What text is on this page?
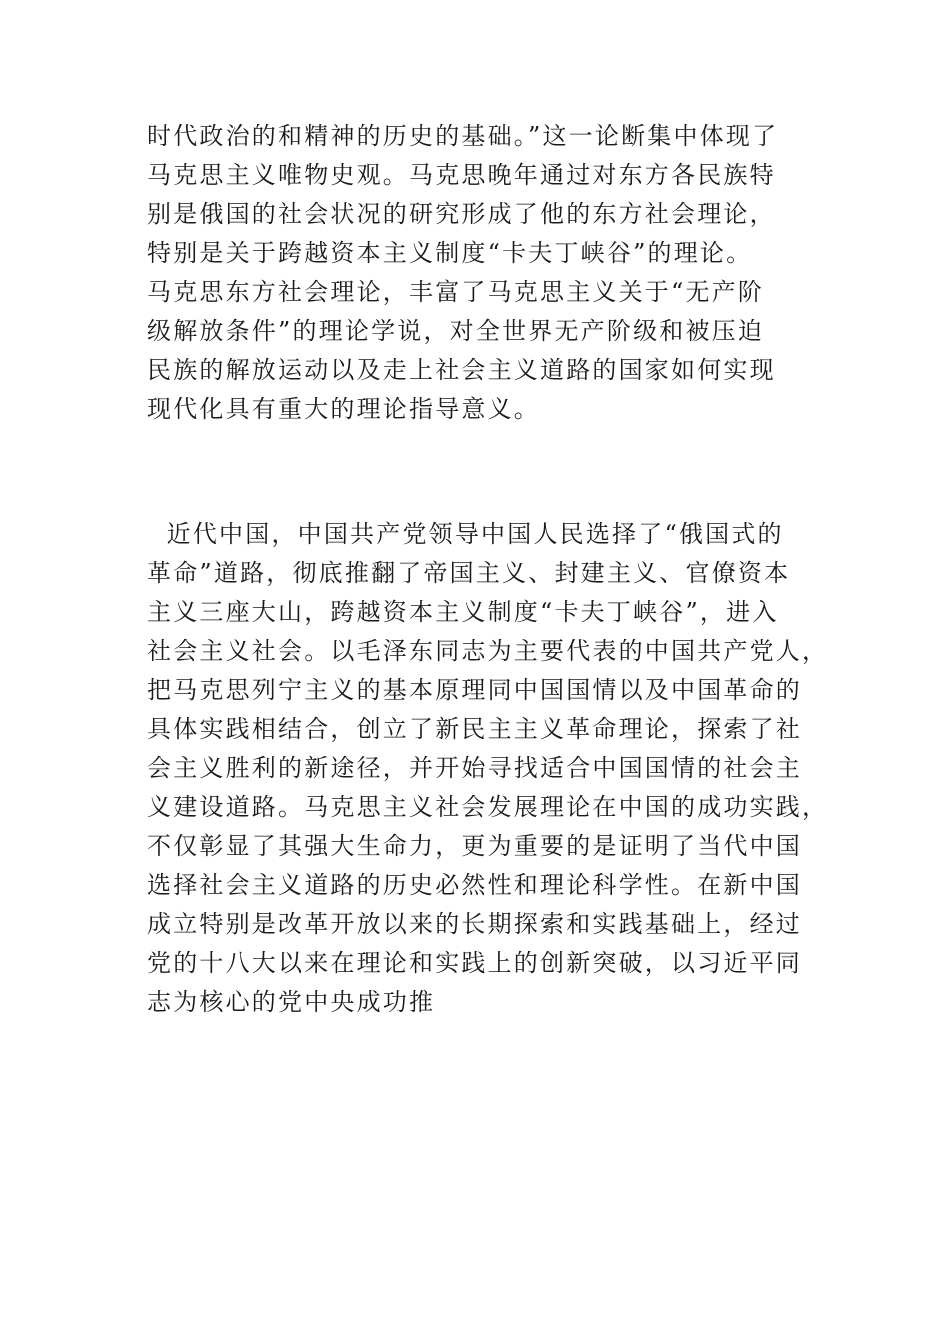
时代政治的和精神的历史的基础。”这一论断集中体现了
马克思主义唯物史观。马克思晚年通过对东方各民族特
别是俄国的社会状况的研究形成了他的东方社会理论，
特别是关于跨越资本主义制度“卡夫丁峡谷”的理论。
马克思东方社会理论，丰富了马克思主义关于“无产阶
级解放条件”的理论学说，对全世界无产阶级和被压迫
民族的解放运动以及走上社会主义道路的国家如何实现
现代化具有重大的理论指导意义。
近代中国，中国共产党领导中国人民选择了“俄国式的
革命”道路，彻底推翻了帝国主义、封建主义、官僚资本
主义三座大山，跨越资本主义制度“卡夫丁峡谷”，进入
社会主义社会。以毛泽东同志为主要代表的中国共产党人，
把马克思列宁主义的基本原理同中国国情以及中国革命的
具体实践相结合，创立了新民主主义革命理论，探索了社
会主义胜利的新途径，并开始寻找适合中国国情的社会主
义建设道路。马克思主义社会发展理论在中国的成功实践，
不仅彰显了其强大生命力，更为重要的是证明了当代中国
选择社会主义道路的历史必然性和理论科学性。在新中国
成立特别是改革开放以来的长期探索和实践基础上，经过
党的十八大以来在理论和实践上的创新突破，以习近平同
志为核心的党中央成功推
